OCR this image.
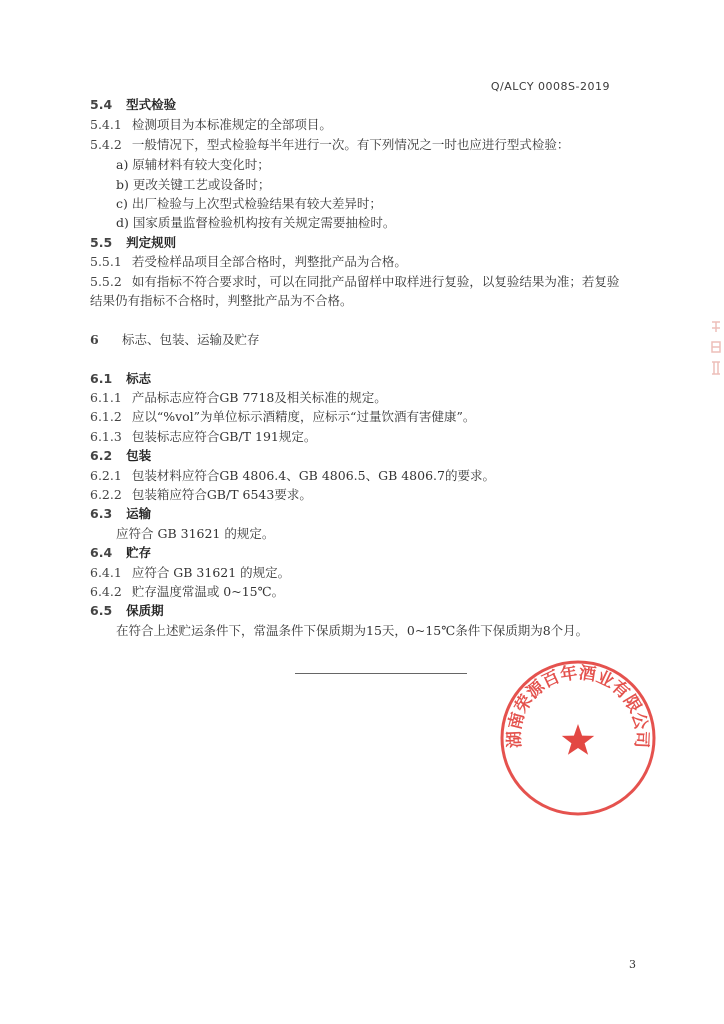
Q/ALCY 0008S-2019
5.4 型式检验
5.4.1 检测项目为本标准规定的全部项目。
5.4.2 一般情况下，型式检验每半年进行一次。有下列情况之一时也应进行型式检验：
a) 原辅材料有较大变化时；
b) 更改关键工艺或设备时；
c) 出厂检验与上次型式检验结果有较大差异时；
d) 国家质量监督检验机构按有关规定需要抽检时。
5.5 判定规则
5.5.1 若受检样品项目全部合格时，判整批产品为合格。
5.5.2 如有指标不符合要求时，可以在同批产品留样中取样进行复验，以复验结果为准；若复验
结果仍有指标不合格时，判整批产品为不合格。
6 标志、包装、运输及贮存
6.1 标志
6.1.1 产品标志应符合GB 7718及相关标准的规定。
6.1.2 应以“%vol”为单位标示酒精度，应标示“过量饮酒有害健康”。
6.1.3 包装标志应符合GB/T 191规定。
6.2 包装
6.2.1 包装材料应符合GB 4806.4、GB 4806.5、GB 4806.7的要求。
6.2.2 包装箱应符合GB/T 6543要求。
6.3 运输
应符合 GB 31621 的规定。
6.4 贮存
6.4.1 应符合 GB 31621 的规定。
6.4.2 贮存温度常温或 0~15℃。
6.5 保质期
在符合上述贮运条件下，常温条件下保质期为15天，0~15℃条件下保质期为8个月。
湖南荣源百年酒业有限公司
3
